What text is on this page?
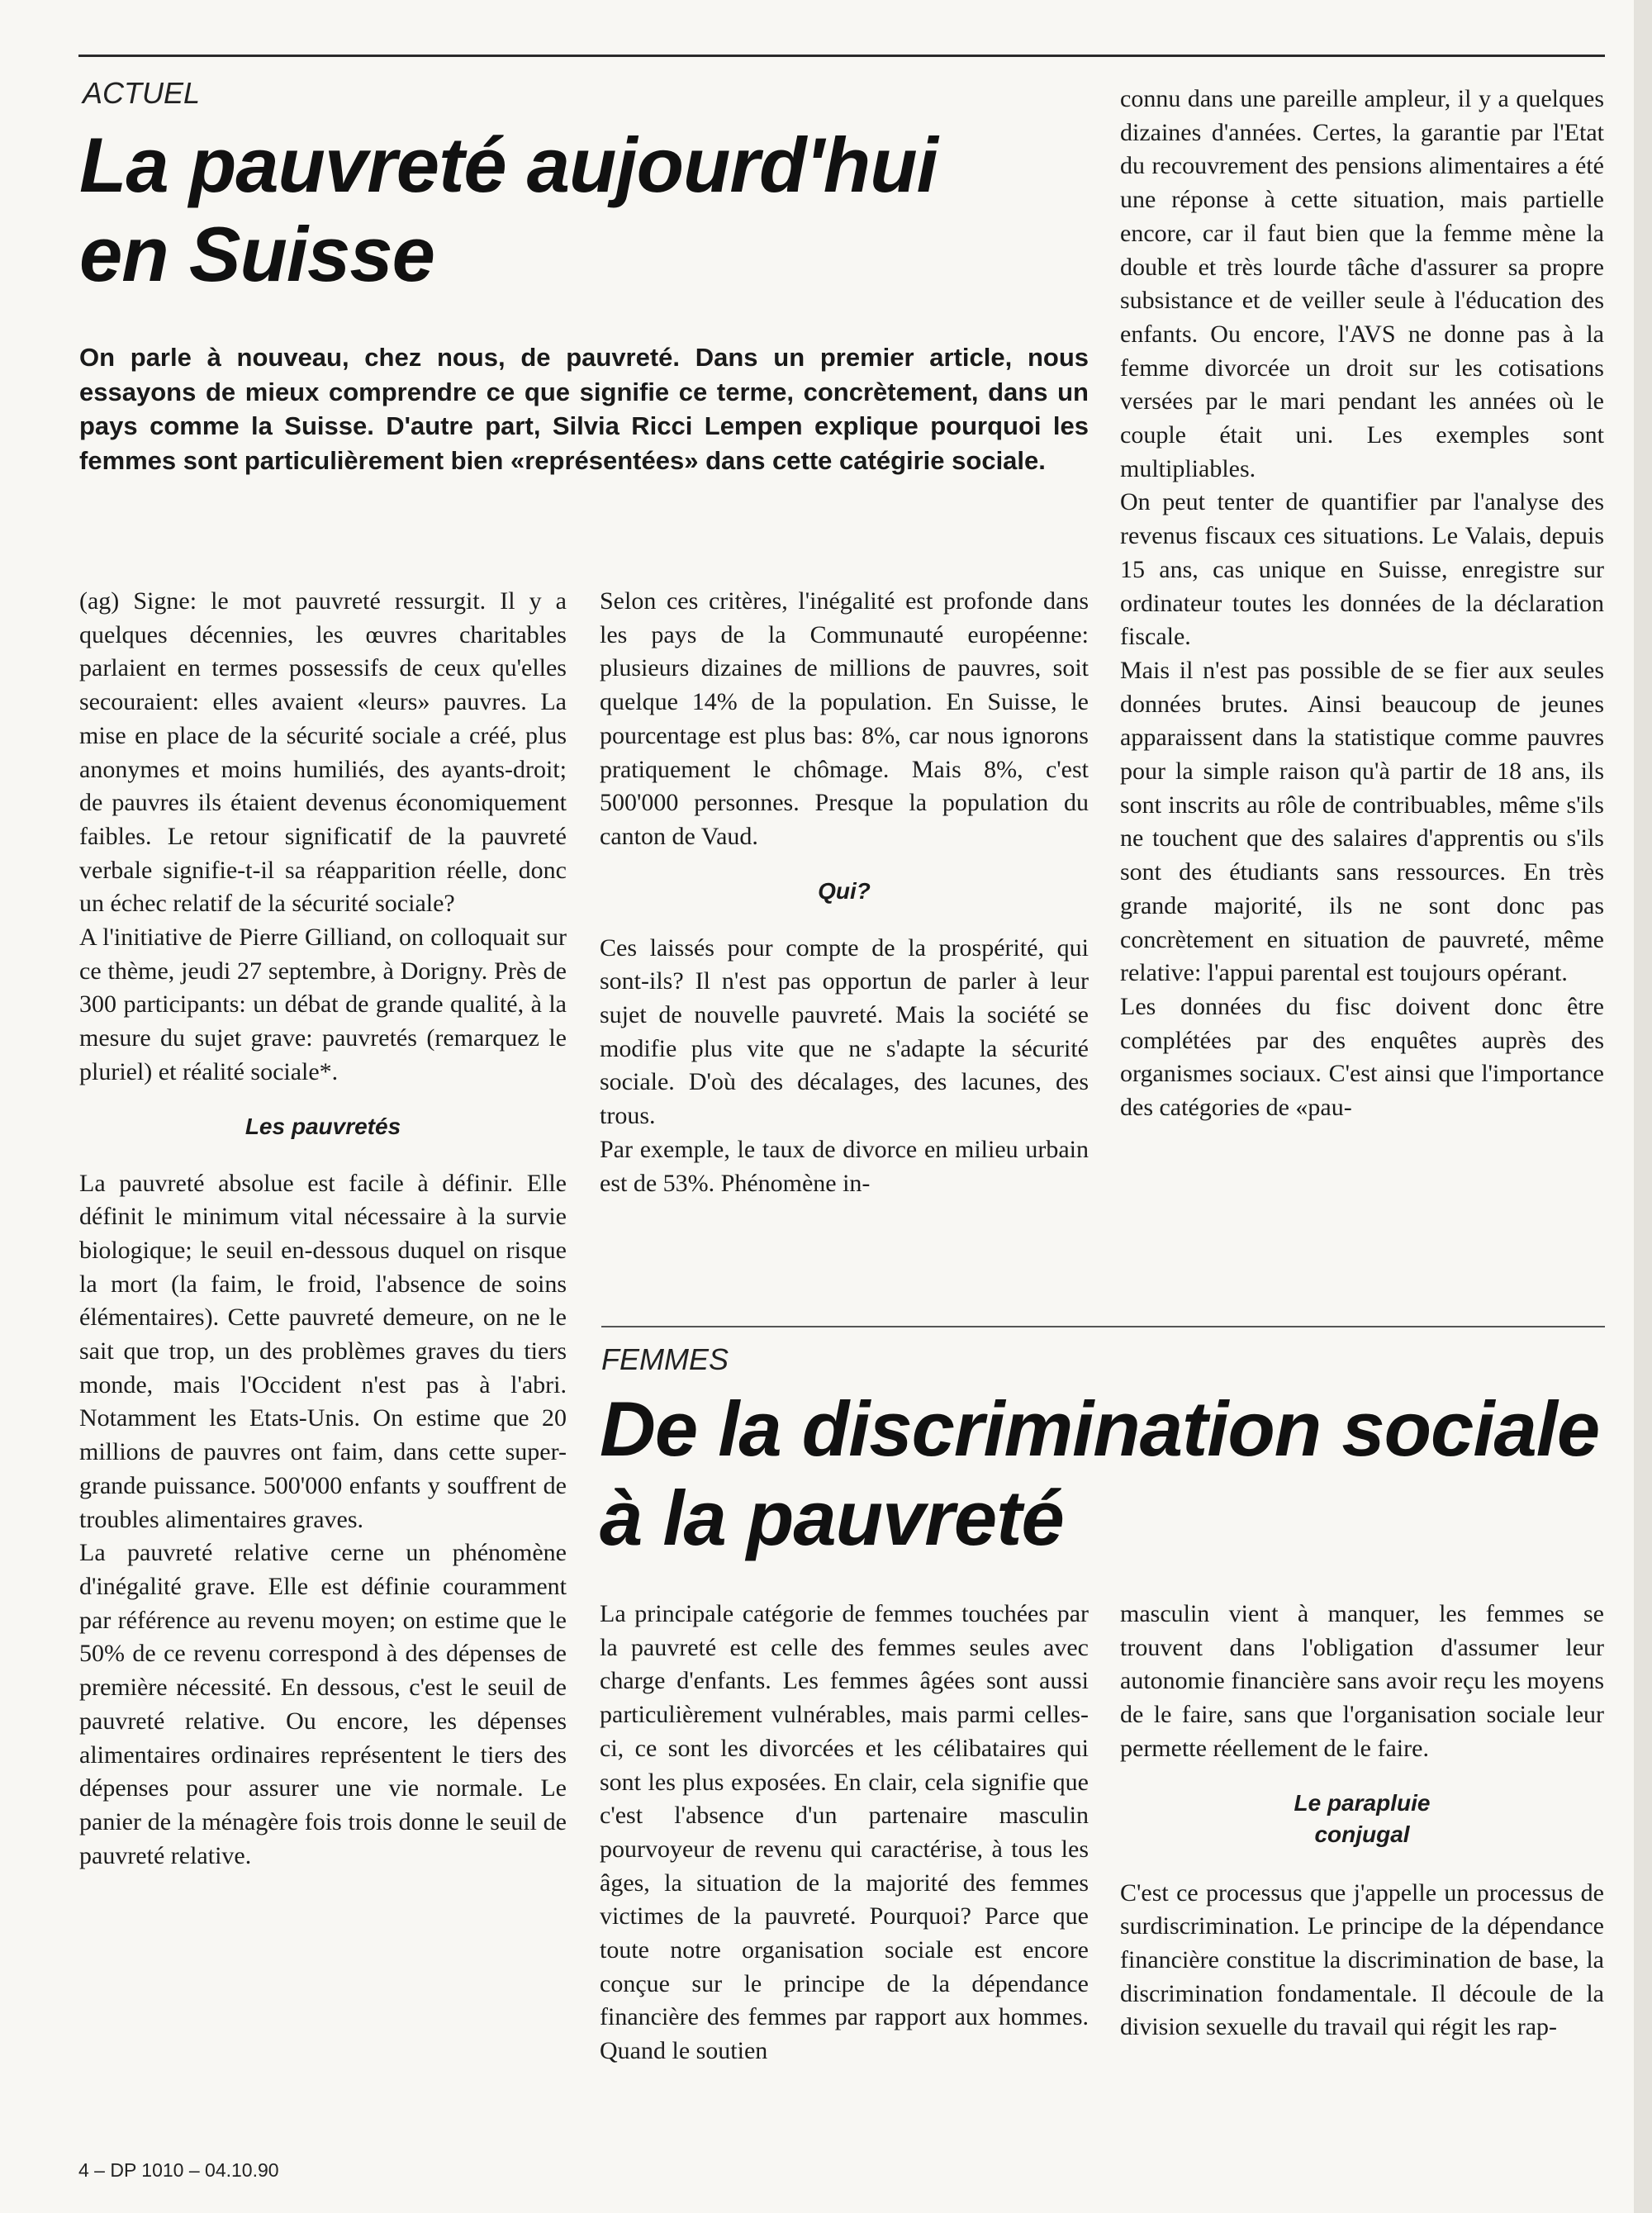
ACTUEL
La pauvreté aujourd'hui
en Suisse

On parle à nouveau, chez nous, de pauvreté. Dans un premier article, nous essayons de mieux comprendre ce que signifie ce terme, concrètement, dans un pays comme la Suisse. D'autre part, Silvia Ricci Lempen explique pourquoi les femmes sont particulièrement bien «représentées» dans cette catégirie sociale.

(ag) Signe: le mot pauvreté ressurgit. Il y a quelques décennies, les œuvres charitables parlaient en termes possessifs de ceux qu'elles secouraient: elles avaient «leurs» pauvres. La mise en place de la sécurité sociale a créé, plus anonymes et moins humiliés, des ayants-droit; de pauvres ils étaient devenus économiquement faibles. Le retour significatif de la pauvreté verbale signifie-t-il sa réapparition réelle, donc un échec relatif de la sécurité sociale?

A l'initiative de Pierre Gilliand, on colloquait sur ce thème, jeudi 27 septembre, à Dorigny. Près de 300 participants: un débat de grande qualité, à la mesure du sujet grave: pauvretés (remarquez le pluriel) et réalité sociale*.

Les pauvretés

La pauvreté absolue est facile à définir. Elle définit le minimum vital nécessaire à la survie biologique; le seuil en-dessous duquel on risque la mort (la faim, le froid, l'absence de soins élémentaires). Cette pauvreté demeure, on ne le sait que trop, un des problèmes graves du tiers monde, mais l'Occident n'est pas à l'abri. Notamment les Etats-Unis. On estime que 20 millions de pauvres ont faim, dans cette super-grande puissance. 500'000 enfants y souffrent de troubles alimentaires graves.

La pauvreté relative cerne un phénomène d'inégalité grave. Elle est définie couramment par référence au revenu moyen; on estime que le 50% de ce revenu correspond à des dépenses de première nécessité. En dessous, c'est le seuil de pauvreté relative. Ou encore, les dépenses alimentaires ordinaires représentent le tiers des dépenses pour assurer une vie normale. Le panier de la ménagère fois trois donne le seuil de pauvreté relative.

Selon ces critères, l'inégalité est profonde dans les pays de la Communauté européenne: plusieurs dizaines de millions de pauvres, soit quelque 14% de la population. En Suisse, le pourcentage est plus bas: 8%, car nous ignorons pratiquement le chômage. Mais 8%, c'est 500'000 personnes. Presque la population du canton de Vaud.

Qui?

Ces laissés pour compte de la prospérité, qui sont-ils? Il n'est pas opportun de parler à leur sujet de nouvelle pauvreté. Mais la société se modifie plus vite que ne s'adapte la sécurité sociale. D'où des décalages, des lacunes, des trous.

Par exemple, le taux de divorce en milieu urbain est de 53%. Phénomène in-

connu dans une pareille ampleur, il y a quelques dizaines d'années. Certes, la garantie par l'Etat du recouvrement des pensions alimentaires a été une réponse à cette situation, mais partielle encore, car il faut bien que la femme mène la double et très lourde tâche d'assurer sa propre subsistance et de veiller seule à l'éducation des enfants. Ou encore, l'AVS ne donne pas à la femme divorcée un droit sur les cotisations versées par le mari pendant les années où le couple était uni. Les exemples sont multipliables.

On peut tenter de quantifier par l'analyse des revenus fiscaux ces situations. Le Valais, depuis 15 ans, cas unique en Suisse, enregistre sur ordinateur toutes les données de la déclaration fiscale.

Mais il n'est pas possible de se fier aux seules données brutes. Ainsi beaucoup de jeunes apparaissent dans la statistique comme pauvres pour la simple raison qu'à partir de 18 ans, ils sont inscrits au rôle de contribuables, même s'ils ne touchent que des salaires d'apprentis ou s'ils sont des étudiants sans ressources. En très grande majorité, ils ne sont donc pas concrètement en situation de pauvreté, même relative: l'appui parental est toujours opérant.

Les données du fisc doivent donc être complétées par des enquêtes auprès des organismes sociaux. C'est ainsi que l'importance des catégories de «pau-

FEMMES
De la discrimination sociale
à la pauvreté

La principale catégorie de femmes touchées par la pauvreté est celle des femmes seules avec charge d'enfants. Les femmes âgées sont aussi particulièrement vulnérables, mais parmi celles-ci, ce sont les divorcées et les célibataires qui sont les plus exposées. En clair, cela signifie que c'est l'absence d'un partenaire masculin pourvoyeur de revenu qui caractérise, à tous les âges, la situation de la majorité des femmes victimes de la pauvreté. Pourquoi? Parce que toute notre organisation sociale est encore conçue sur le principe de la dépendance financière des femmes par rapport aux hommes. Quand le soutien

masculin vient à manquer, les femmes se trouvent dans l'obligation d'assumer leur autonomie financière sans avoir reçu les moyens de le faire, sans que l'organisation sociale leur permette réellement de le faire.

Le parapluie
conjugal

C'est ce processus que j'appelle un processus de surdiscrimination. Le principe de la dépendance financière constitue la discrimination de base, la discrimination fondamentale. Il découle de la division sexuelle du travail qui régit les rap-

4 – DP 1010 – 04.10.90
